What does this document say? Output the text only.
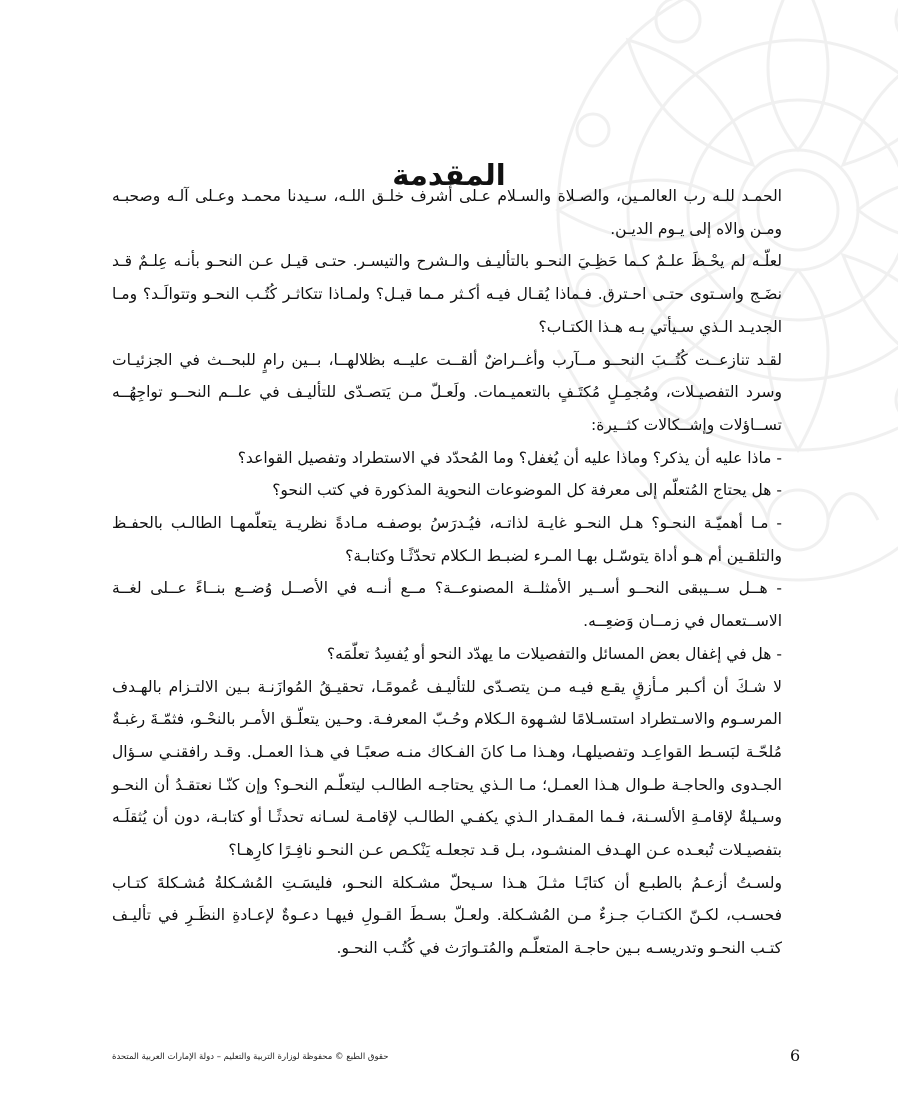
المقدمة

الحمـد للـه رب العالمـين، والصـلاة والسـلام عـلى أشرف خلـق اللـه، سـيدنا محمـد وعـلى آلـه وصحبـه ومـن والاه إلى يـوم الديـن.

لعلّـه لم يحْـظَ علـمٌ كـما حَظِـيَ النحـو بالتأليـف والـشرح والتيسـر. حتـى قيـل عـن النحـو بأنـه عِلـمٌ قـد نضَـج واسـتوى حتـى احـترق. فـماذا يُقـال فيـه أكـثر مـما قيـل؟ ولمـاذا تتكاثـر كُتُـب النحـو وتتوالَـد؟ ومـا الجديـد الـذي سـيأتي بـه هـذا الكتـاب؟

لقـد تنازعــت كُتُــبَ النحــو مــآرب وأغــراضٌ ألقــت عليــه بظلالهــا، بــين رامٍ للبحــث في الجزئيـات وسرد التفصيـلات، ومُجمِـلٍ مُكتَـفٍ بالتعميـمات. ولَعـلّ مـن يَتصـدّى للتأليـف في علــم النحــو تواجِهُــه تســاؤلات وإشــكالات كثــيرة:

- ماذا عليه أن يذكر؟ وماذا عليه أن يُغفل؟ وما المُحدّد في الاستطراد وتفصيل القواعد؟

- هل يحتاج المُتعلّم إلى معرفة كل الموضوعات النحوية المذكورة في كتب النحو؟

- مـا أهميّـة النحـو؟ هـل النحـو غايـة لذاتـه، فيُـدرَسُ بوصفـه مـادةً نظريـة يتعلّمهـا الطالـب بالحفـظ والتلقـين أم هـو أداة يتوسّـل بهـا المـرء لضبـط الـكلام تحدّثًـا وكتابـة؟

- هــل ســيبقى النحــو أســير الأمثلــة المصنوعــة؟ مــع أنــه في الأصــل وُضــع بنــاءً عــلى لغــة الاســتعمال في زمــان وَضعِــه.

- هل في إغفال بعض المسائل والتفصيلات ما يهدّد النحو أو يُفسِدُ تعلّمَه؟

لا شـكَ أن أكـبر مـأزقٍ يقـع فيـه مـن يتصـدّى للتأليـف عُمومًـا، تحقيـقُ المُوازَنـة بـين الالتـزام بالهـدف المرسـوم والاسـتطراد استسـلامًا لشـهوة الـكلام وحُـبّ المعرفـة. وحـين يتعلّـق الأمـر بالنحْـو، فثمّـةَ رغبـةٌ مُلحّـة لبَسـط القواعِـد وتفصيلهـا، وهـذا مـا كانَ الفـكاك منـه صعبًـا في هـذا العمـل. وقـد رافقنـي سـؤال الجـدوى والحاجـة طـوال هـذا العمـل؛ مـا الـذي يحتاجـه الطالـب ليتعلّـم النحـو؟ وإن كنّـا نعتقـدُ أن النحـو وسـيلةٌ لإقامـةِ الألسـنة، فـما المقـدار الـذي يكفـي الطالـب لإقامـة لسـانه تحدثًـا أو كتابـة، دون أن يُثقلَـه بتفصيـلات تُبعـده عـن الهـدف المنشـود، بـل قـد تجعلـه يَنْكـص عـن النحـو نافِـرًا كارِهـا؟

ولسـتُ أزعـمُ بالطبـع أن كتابًـا مثـلَ هـذا سـيحلّ مشـكلة النحـو، فليسَـتِ المُشـكلةُ مُشـكلةَ كتـاب فحسـب، لكـنّ الكتـابَ جـزءٌ مـن المُشـكلة. ولعـلّ بسـطَ القـولِ فيهـا دعـوةٌ لإعـادةِ النظَـرِ في تأليـف كتـب النحـو وتدريسـه بـين حاجـة المتعلّـم والمُتـوارَث في كُتُـب النحـو.

حقوق الطبع © محفوظة لوزارة التربية والتعليم – دولة الإمارات العربية المتحدة	6
